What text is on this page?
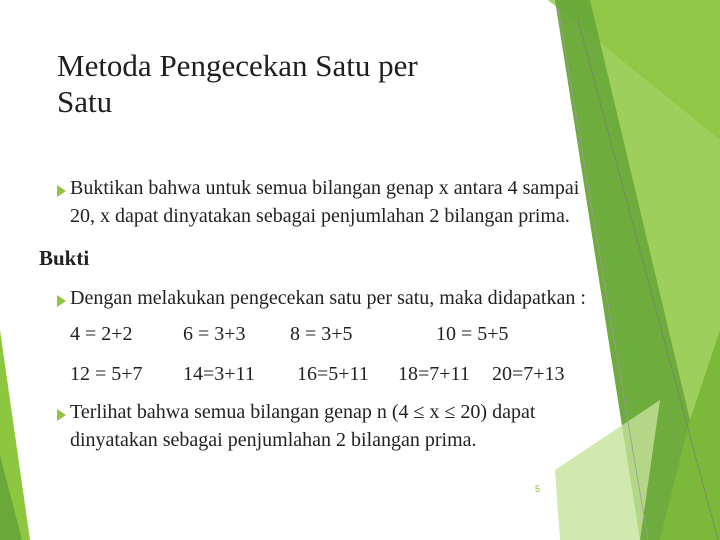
Metoda Pengecekan Satu per
Satu
Buktikan bahwa untuk semua bilangan genap x antara 4 sampai
20, x dapat dinyatakan sebagai penjumlahan 2 bilangan prima.
Bukti
Dengan melakukan pengecekan satu per satu, maka didapatkan :
4 = 2+2	6 = 3+3 8 = 3+5	10 = 5+5
12 = 5+7 14=3+11 16=5+11 18=7+11 20=7+13
Terlihat bahwa semua bilangan genap n (4 ≤ x ≤ 20) dapat
dinyatakan sebagai penjumlahan 2 bilangan prima.
5
